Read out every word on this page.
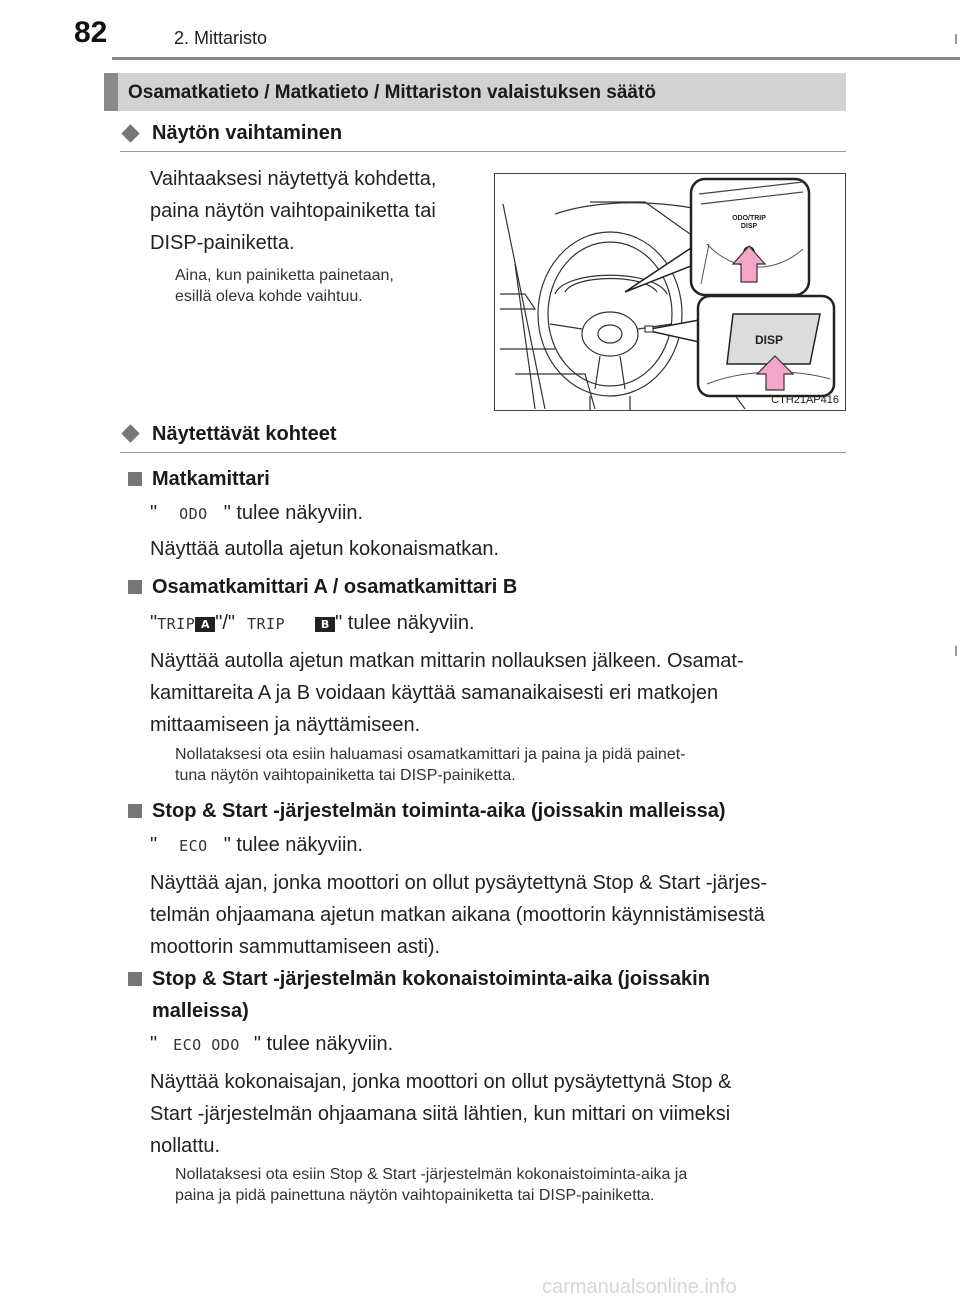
82	2. Mittaristo
Osamatkatieto / Matkatieto / Mittariston valaistuksen säätö
Näytön vaihtaminen
Vaihtaaksesi näytettyä kohdetta,
paina näytön vaihtopainiketta tai
DISP-painiketta.
Aina, kun painiketta painetaan,
esillä oleva kohde vaihtuu.
ODO/TRIP
DISP
DISP
CTH21AP416
Näytettävät kohteet
Matkamittari
" ODO " tulee näkyviin.
Näyttää autolla ajetun kokonaismatkan.
Osamatkamittari A / osamatkamittari B
"TRIP A "/" TRIP	B " tulee näkyviin.
Näyttää autolla ajetun matkan mittarin nollauksen jälkeen. Osamat-
kamittareita A ja B voidaan käyttää samanaikaisesti eri matkojen
mittaamiseen ja näyttämiseen.
Nollataksesi ota esiin haluamasi osamatkamittari ja paina ja pidä painet-
tuna näytön vaihtopainiketta tai DISP-painiketta.
Stop & Start -järjestelmän toiminta-aika (joissakin malleissa)
" ECO " tulee näkyviin.
Näyttää ajan, jonka moottori on ollut pysäytettynä Stop & Start -järjes-
telmän ohjaamana ajetun matkan aikana (moottorin käynnistämisestä
moottorin sammuttamiseen asti).
Stop & Start -järjestelmän kokonaistoiminta-aika (joissakin
malleissa)
" ECO ODO " tulee näkyviin.
Näyttää kokonaisajan, jonka moottori on ollut pysäytettynä Stop &
Start -järjestelmän ohjaamana siitä lähtien, kun mittari on viimeksi
nollattu.
Nollataksesi ota esiin Stop & Start -järjestelmän kokonaistoiminta-aika ja
paina ja pidä painettuna näytön vaihtopainiketta tai DISP-painiketta.
carmanualsonline.info
